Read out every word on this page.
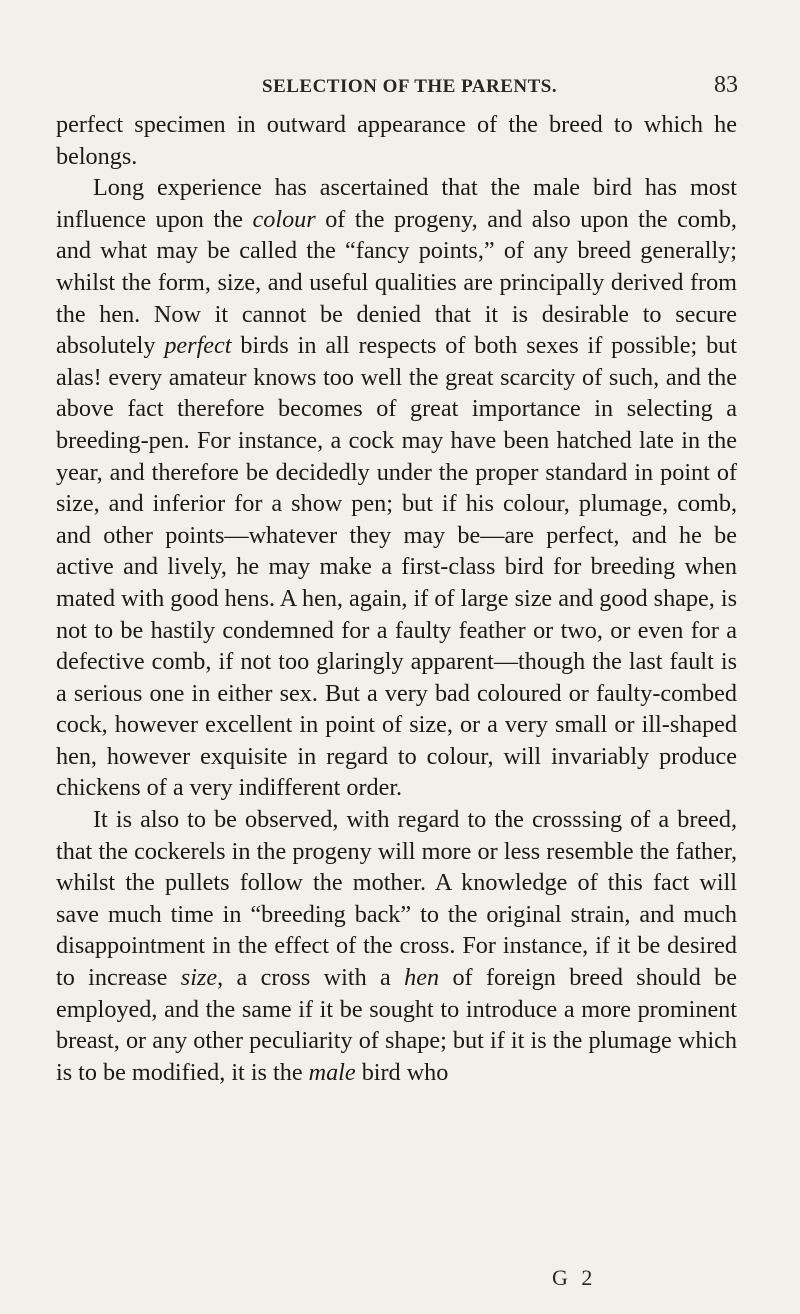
SELECTION OF THE PARENTS.	83

perfect specimen in outward appearance of the breed to which he belongs.

Long experience has ascertained that the male bird has most influence upon the colour of the progeny, and also upon the comb, and what may be called the “fancy points,” of any breed generally; whilst the form, size, and useful qualities are principally derived from the hen. Now it cannot be denied that it is desirable to secure absolutely perfect birds in all respects of both sexes if possible; but alas! every amateur knows too well the great scarcity of such, and the above fact therefore becomes of great importance in selecting a breeding-pen. For instance, a cock may have been hatched late in the year, and therefore be decidedly under the proper standard in point of size, and inferior for a show pen; but if his colour, plumage, comb, and other points—whatever they may be—are perfect, and he be active and lively, he may make a first-class bird for breeding when mated with good hens. A hen, again, if of large size and good shape, is not to be hastily condemned for a faulty feather or two, or even for a defective comb, if not too glaringly apparent—though the last fault is a serious one in either sex. But a very bad coloured or faulty-combed cock, however excellent in point of size, or a very small or ill-shaped hen, however exquisite in regard to colour, will invariably produce chickens of a very indifferent order.

It is also to be observed, with regard to the crosssing of a breed, that the cockerels in the progeny will more or less resemble the father, whilst the pullets follow the mother. A knowledge of this fact will save much time in “breeding back” to the original strain, and much disappointment in the effect of the cross. For instance, if it be desired to increase size, a cross with a hen of foreign breed should be employed, and the same if it be sought to introduce a more prominent breast, or any other peculiarity of shape; but if it is the plumage which is to be modified, it is the male bird who

G 2
